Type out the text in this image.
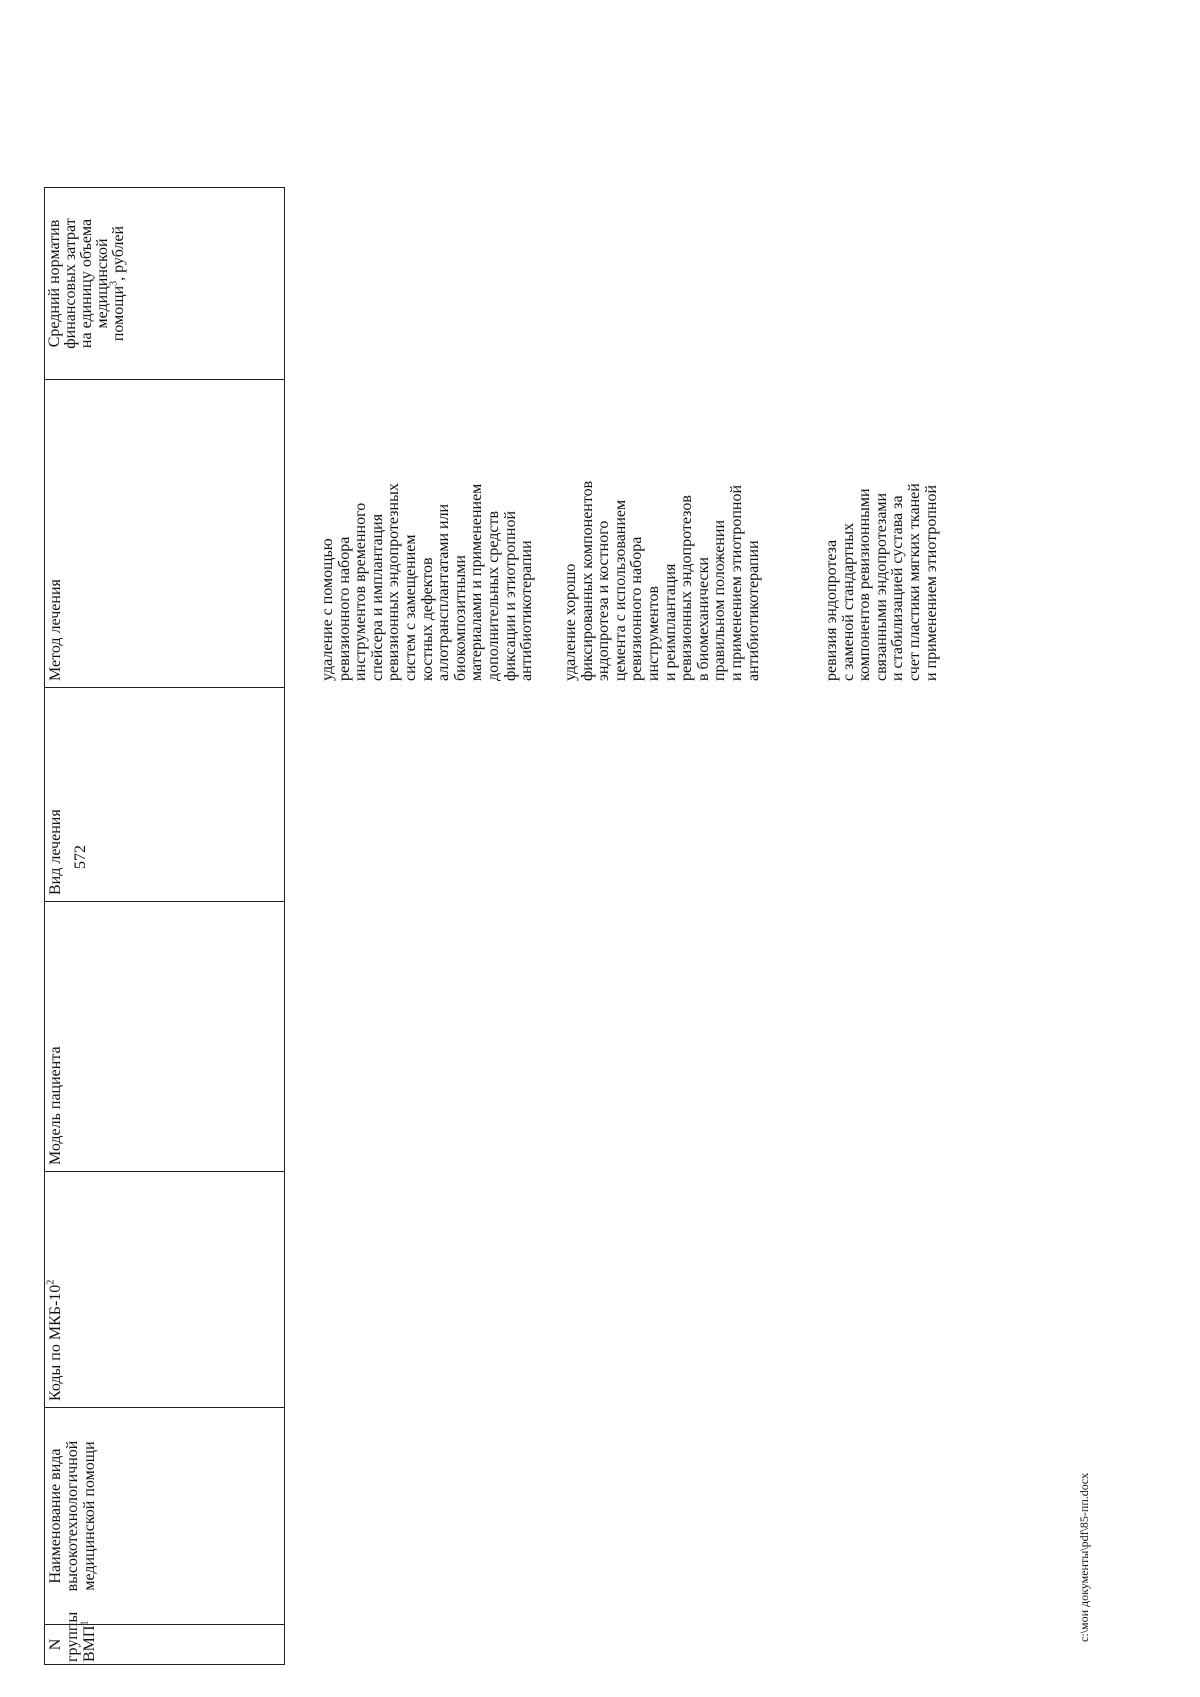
572
N
группы
ВМП$^1$
Наименование вида
высокотехнологичной
медицинской помощи
Коды по МКБ-$10^2$
Модель пациента
Вид лечения
Метод лечения	удаление с помощью
ревизионного набора
инструментов временного
спейсера и имплантация
ревизионных эндопротезных
систем с замещением
костных дефектов
аллотрансплантатами или
биокомпозитными
материалами и применением
дополнительных средств
фиксации и этиотропной
антибиотикотерапии удаление хорошо
фиксированных компонентов
эндопротеза и костного
цемента с использованием
ревизионного набора
инструментов
и реимплантация
ревизионных эндопротезов
в биомеханически
правильном положении
и применением этиотропной
антибиотикотерапии	ревизия эндопротеза
с заменой стандартных
компонентов ревизионными
связанными эндопротезами
и стабилизацией сустава за
счет пластики мягких тканей
и применением этиотропной
Средний норматив
финансовых затрат
на единицу объема
медицинской
помощи$^3$, рублей
c:\мои документы\pdf\85-пп.docx
